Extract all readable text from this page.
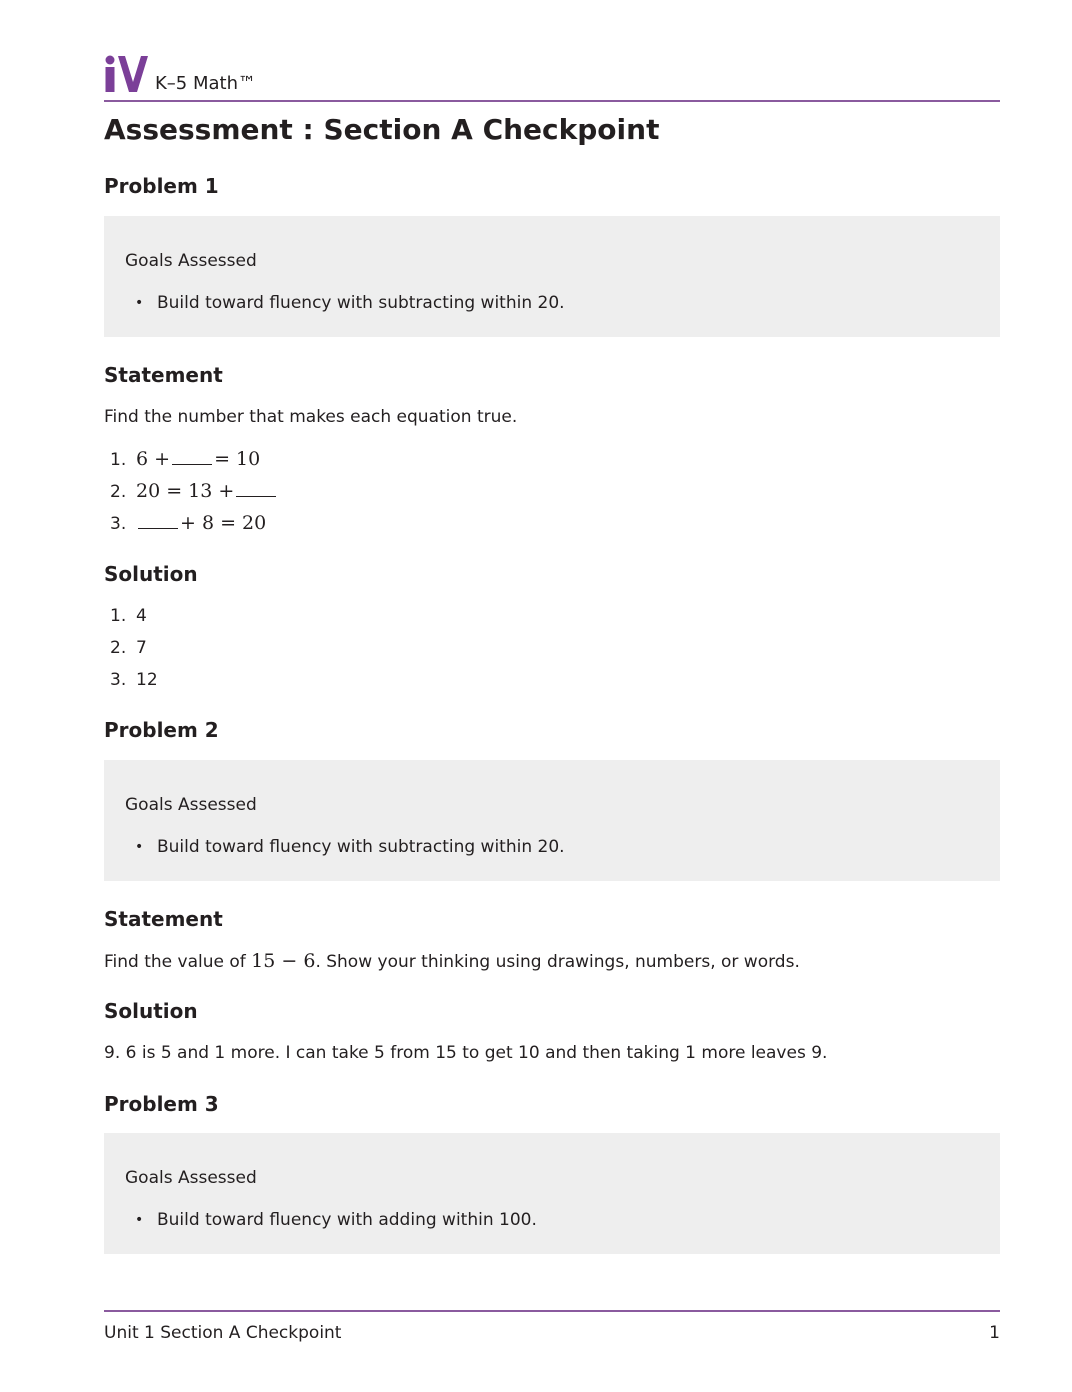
K–5 Math™
Assessment : Section A Checkpoint
Problem 1
Goals Assessed
• Build toward fluency with subtracting within 20.
Statement
Find the number that makes each equation true.
1. 6 + = 10
2. 20 = 13 +
3.	+ 8 = 20
Solution
1. 4
2. 7
3. 12
Problem 2
Goals Assessed
• Build toward fluency with subtracting within 20.
Statement
Find the value of 15 − 6. Show your thinking using drawings, numbers, or words.
Solution
9. 6 is 5 and 1 more. I can take 5 from 15 to get 10 and then taking 1 more leaves 9.
Problem 3
Goals Assessed
• Build toward fluency with adding within 100.
Unit 1 Section A Checkpoint	1
